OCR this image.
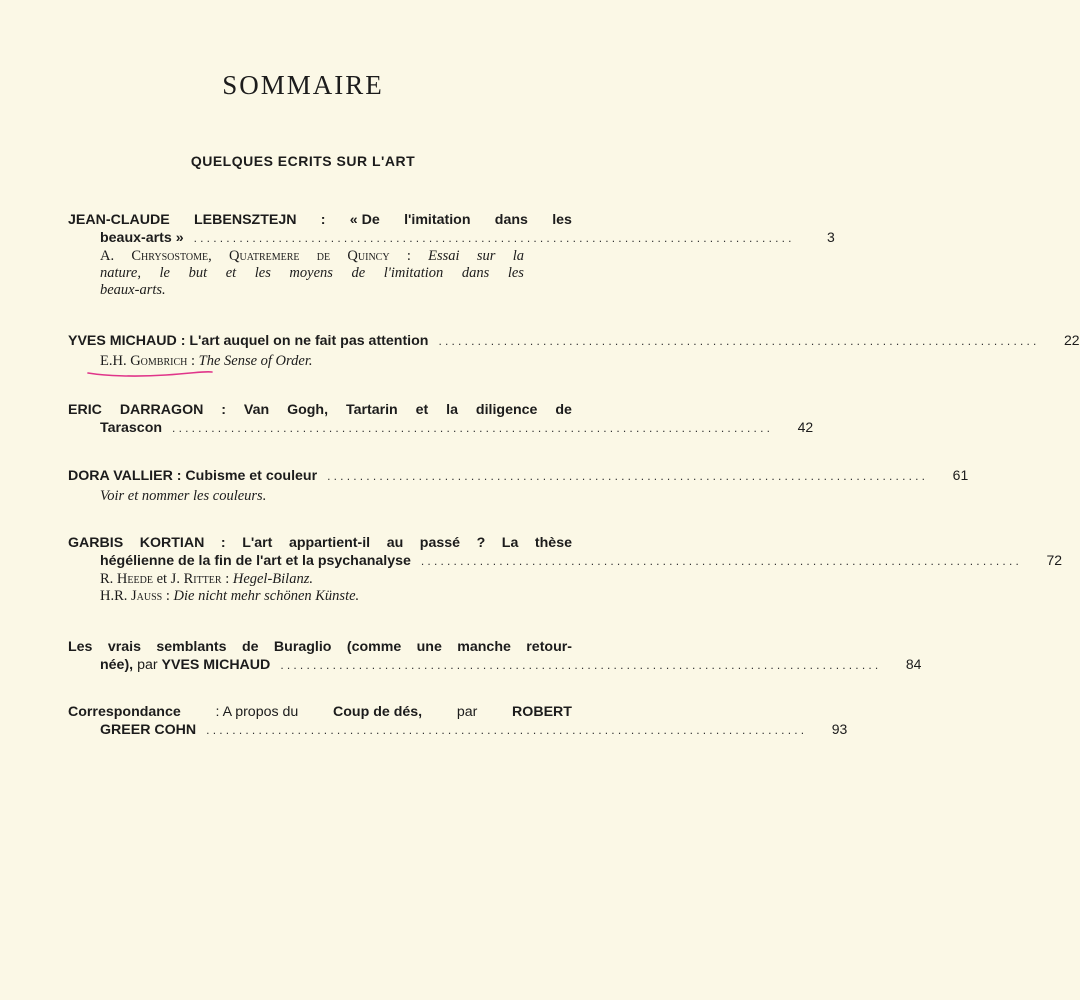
SOMMAIRE
QUELQUES ECRITS SUR L'ART
JEAN-CLAUDE LEBENSZTEJN : « De l'imitation dans les
beaux-arts » ............................................................................................	3
A. Chrysostome, Quatremere de Quincy : Essai sur la
nature, le but et les moyens de l'imitation dans les
beaux-arts.
YVES MICHAUD : L'art auquel on ne fait pas attention ............................................................................................	22
E.H. Gombrich : The Sense of Order.
ERIC DARRAGON : Van Gogh, Tartarin et la diligence de
Tarascon ............................................................................................	42
DORA VALLIER : Cubisme et couleur ............................................................................................	61
Voir et nommer les couleurs.
GARBIS KORTIAN : L'art appartient-il au passé ? La thèse
hégélienne de la fin de l'art et la psychanalyse ............................................................................................	72
R. Heede et J. Ritter : Hegel-Bilanz.
H.R. Jauss : Die nicht mehr schönen Künste.
Les vrais semblants de Buraglio (comme une manche retour-
née), par YVES MICHAUD ............................................................................................	84
Correspondance : A propos du Coup de dés, par ROBERT
GREER COHN ............................................................................................	93
